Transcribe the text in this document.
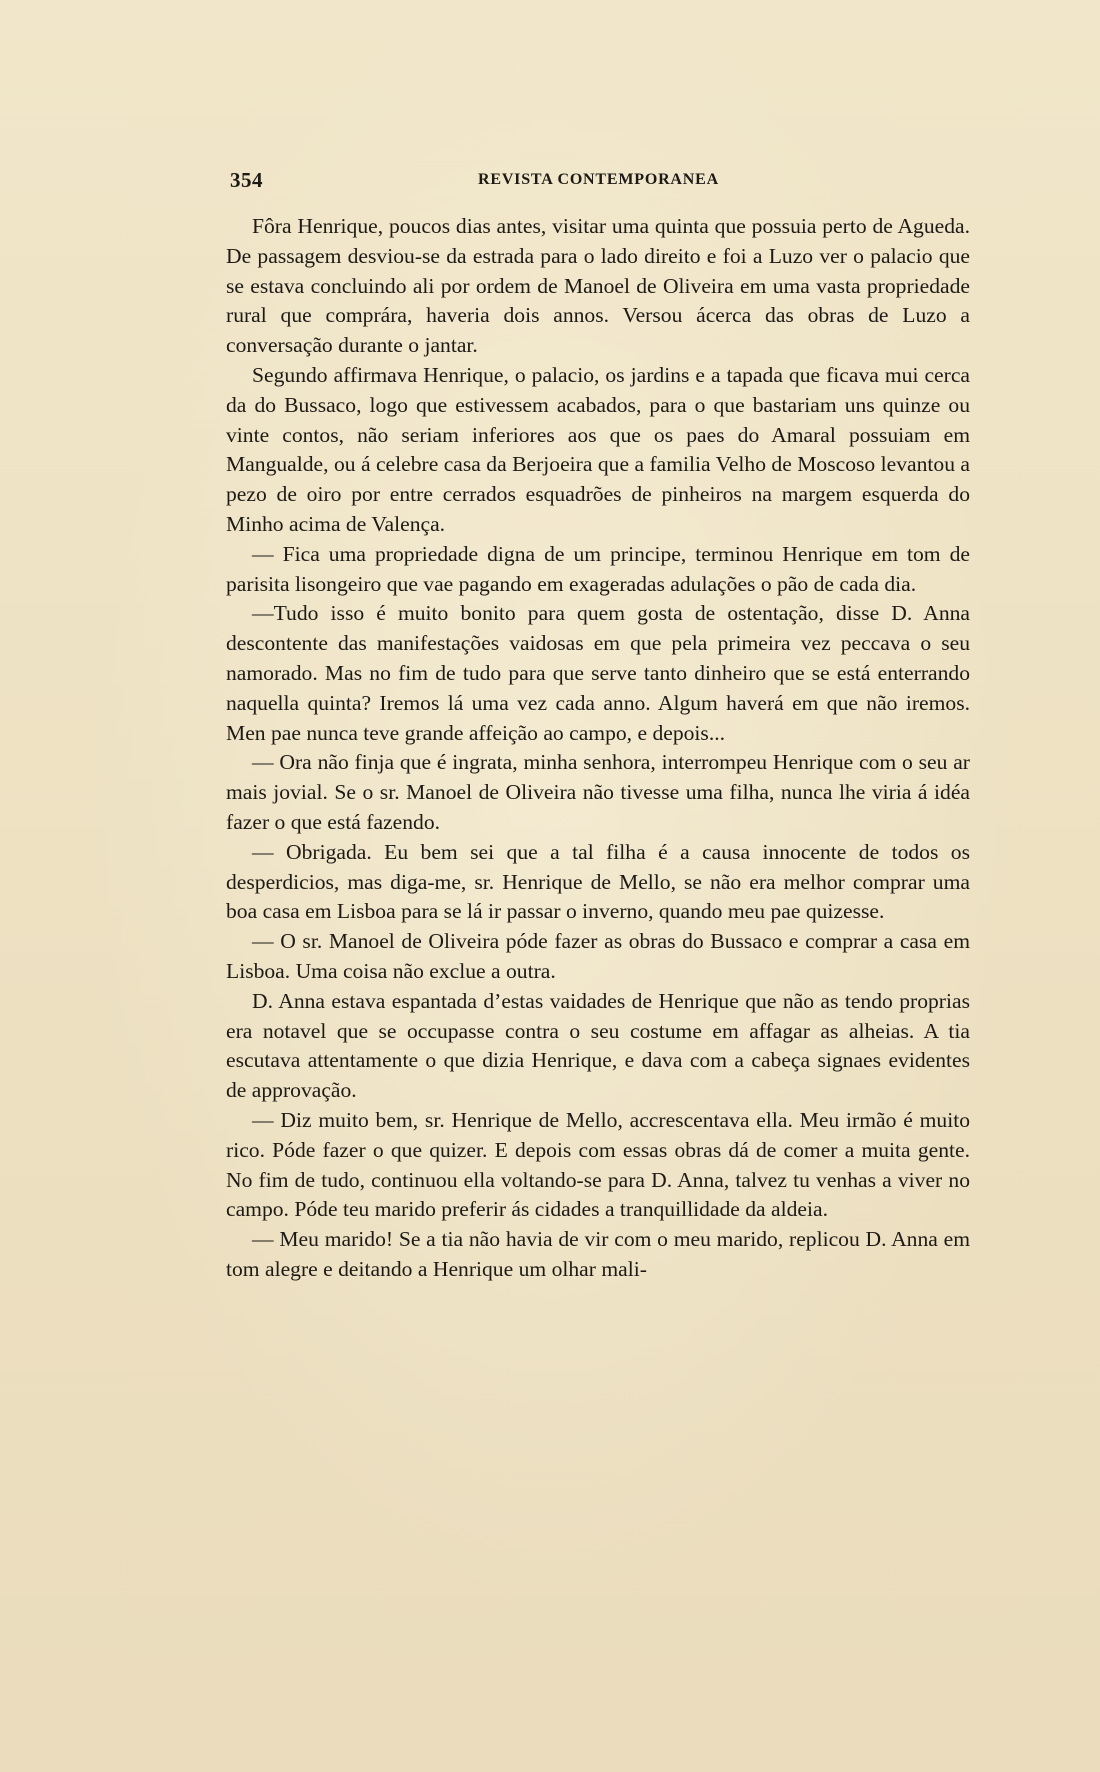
354	REVISTA CONTEMPORANEA

Fôra Henrique, poucos dias antes, visitar uma quinta que possuia perto de Agueda. De passagem desviou-se da estrada para o lado direito e foi a Luzo ver o palacio que se estava concluindo ali por ordem de Manoel de Oliveira em uma vasta propriedade rural que comprára, haveria dois annos. Versou ácerca das obras de Luzo a conversação durante o jantar.

Segundo affirmava Henrique, o palacio, os jardins e a tapada que ficava mui cerca da do Bussaco, logo que estivessem acabados, para o que bastariam uns quinze ou vinte contos, não seriam inferiores aos que os paes do Amaral possuiam em Mangualde, ou á celebre casa da Berjoeira que a familia Velho de Moscoso levantou a pezo de oiro por entre cerrados esquadrões de pinheiros na margem esquerda do Minho acima de Valença.

— Fica uma propriedade digna de um principe, terminou Henrique em tom de parisita lisongeiro que vae pagando em exageradas adulações o pão de cada dia.

—Tudo isso é muito bonito para quem gosta de ostentação, disse D. Anna descontente das manifestações vaidosas em que pela primeira vez peccava o seu namorado. Mas no fim de tudo para que serve tanto dinheiro que se está enterrando naquella quinta? Iremos lá uma vez cada anno. Algum haverá em que não iremos. Men pae nunca teve grande affeição ao campo, e depois...

— Ora não finja que é ingrata, minha senhora, interrompeu Henrique com o seu ar mais jovial. Se o sr. Manoel de Oliveira não tivesse uma filha, nunca lhe viria á idéa fazer o que está fazendo.

— Obrigada. Eu bem sei que a tal filha é a causa innocente de todos os desperdicios, mas diga-me, sr. Henrique de Mello, se não era melhor comprar uma boa casa em Lisboa para se lá ir passar o inverno, quando meu pae quizesse.

— O sr. Manoel de Oliveira póde fazer as obras do Bussaco e comprar a casa em Lisboa. Uma coisa não exclue a outra.

D. Anna estava espantada d’estas vaidades de Henrique que não as tendo proprias era notavel que se occupasse contra o seu costume em affagar as alheias. A tia escutava attentamente o que dizia Henrique, e dava com a cabeça signaes evidentes de approvação.

— Diz muito bem, sr. Henrique de Mello, accrescentava ella. Meu irmão é muito rico. Póde fazer o que quizer. E depois com essas obras dá de comer a muita gente. No fim de tudo, continuou ella voltando-se para D. Anna, talvez tu venhas a viver no campo. Póde teu marido preferir ás cidades a tranquillidade da aldeia.

— Meu marido! Se a tia não havia de vir com o meu marido, replicou D. Anna em tom alegre e deitando a Henrique um olhar mali-
